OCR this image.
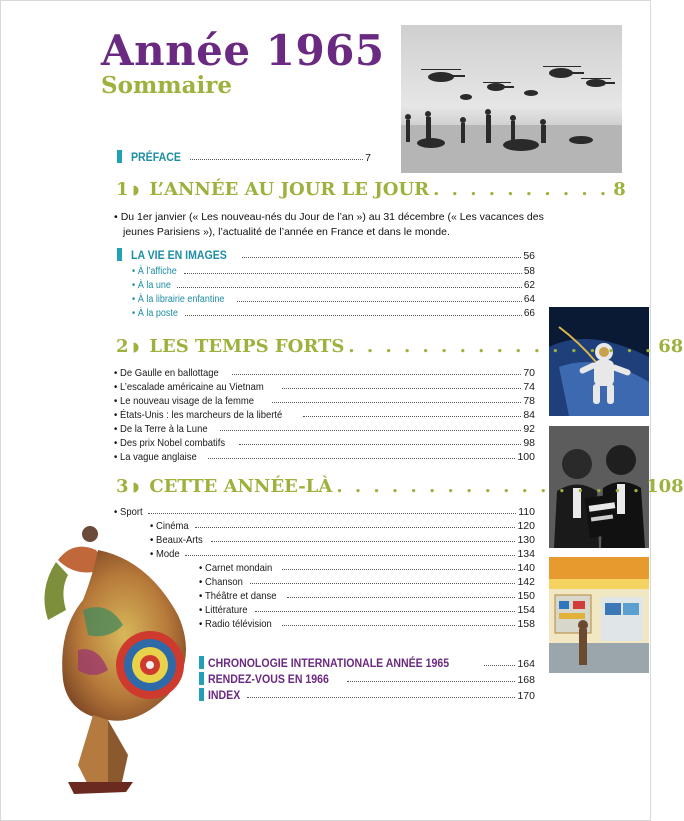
Année 1965
Sommaire
PRÉFACE	7
1 ◗ L’ANNÉE AU JOUR LE JOUR . . . . . . . . . . 8
• Du 1er janvier (« Les nouveau-nés du Jour de l’an ») au 31 décembre (« Les vacances des
jeunes Parisiens »), l’actualité de l’année en France et dans le monde.
LA VIE EN IMAGES	56
• À l’affiche	58
• À la une	62
• À la librairie enfantine	64
• À la poste	66
2 ◗ LES TEMPS FORTS . . . . . . . . . . . . . . . . . 68
• De Gaulle en ballottage	70
• L’escalade américaine au Vietnam	74
• Le nouveau visage de la femme	78
• États-Unis : les marcheurs de la liberté	84
• De la Terre à la Lune	92
• Des prix Nobel combatifs	98
• La vague anglaise	100
3 ◗ CETTE ANNÉE-LÀ . . . . . . . . . . . . . . . . . 108
• Sport	110
• Cinéma	120
• Beaux-Arts	130
• Mode	134
• Carnet mondain	140
• Chanson	142
• Théâtre et danse	150
• Littérature	154
• Radio télévision	158
CHRONOLOGIE INTERNATIONALE ANNÉE 1965	164
RENDEZ-VOUS EN 1966	168
INDEX	170
